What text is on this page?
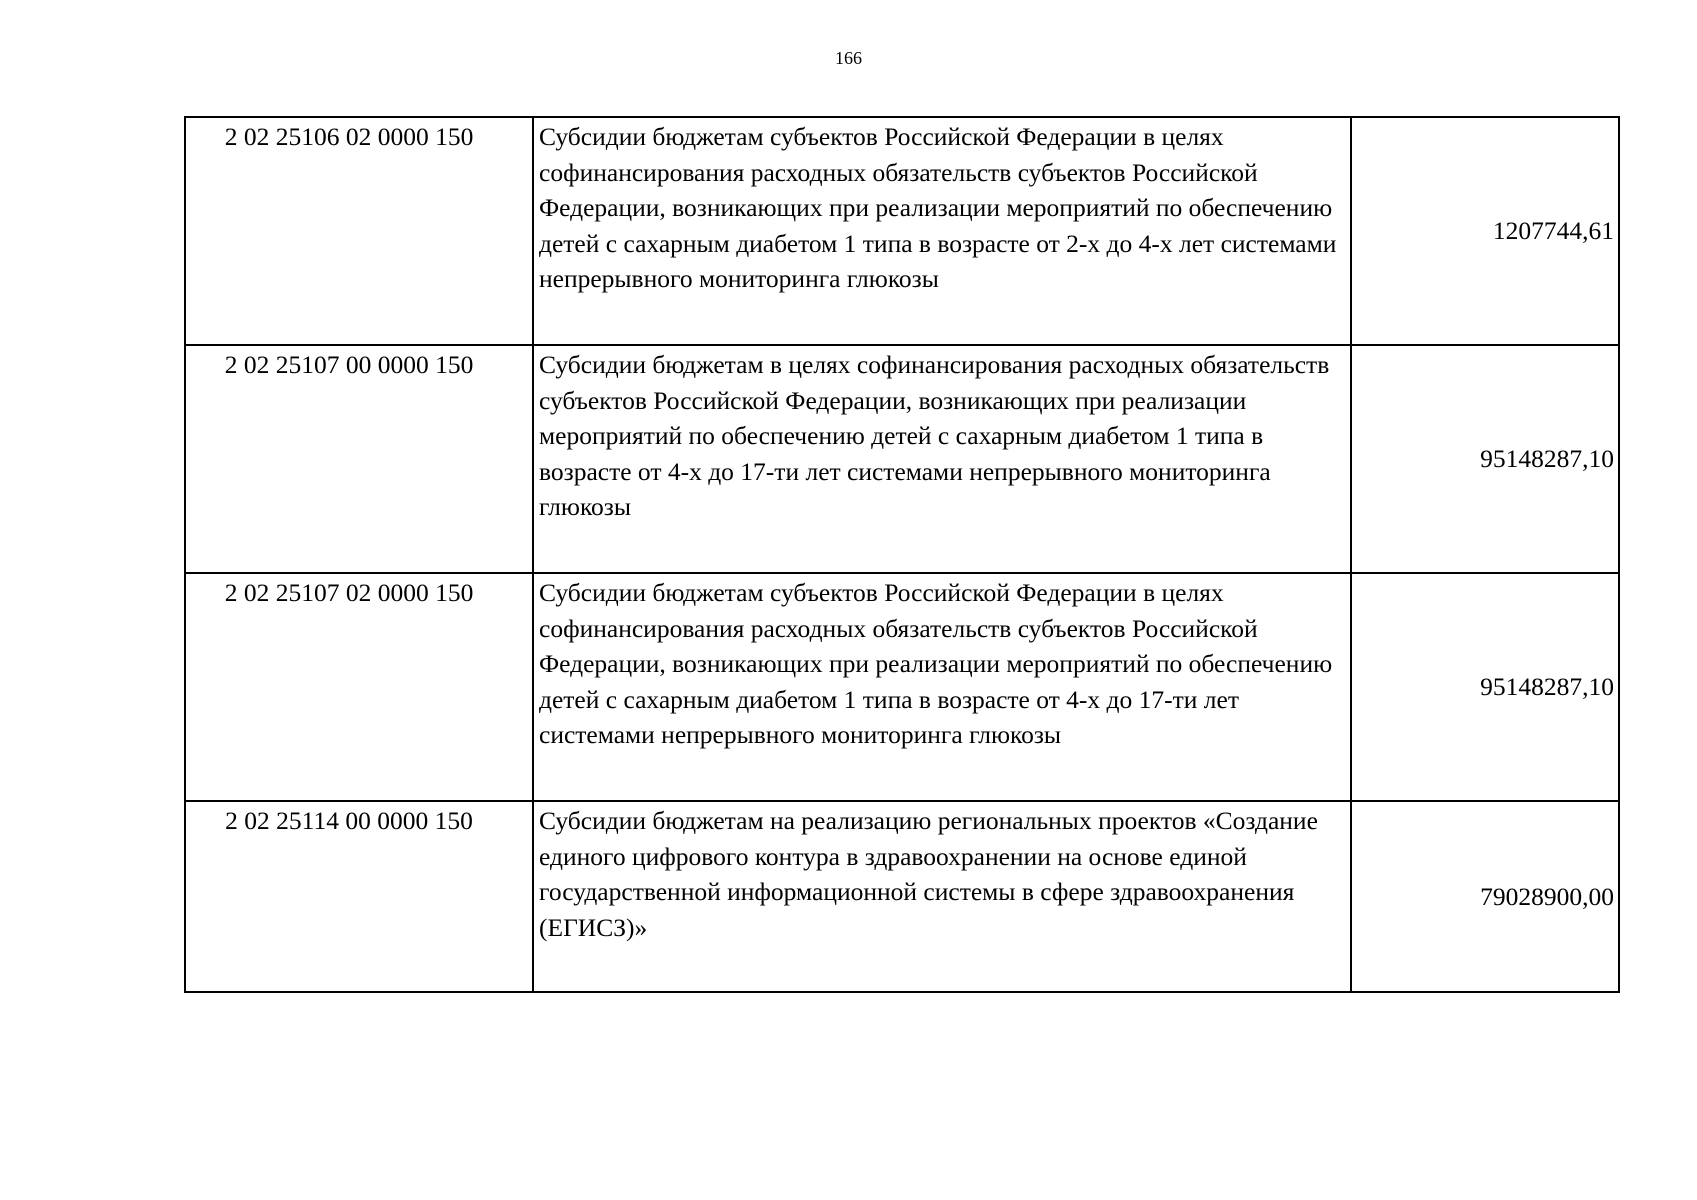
166
2 02 25106 02 0000 150	Субсидии бюджетам субъектов Российской Федерации в целях софинансирования расходных обязательств субъектов Российской Федерации, возникающих при реализации мероприятий по обеспечению детей с сахарным диабетом 1 типа в возрасте от 2-х до 4-х лет системами непрерывного мониторинга глюкозы	1207744,61
2 02 25107 00 0000 150	Субсидии бюджетам в целях софинансирования расходных обязательств субъектов Российской Федерации, возникающих при реализации мероприятий по обеспечению детей с сахарным диабетом 1 типа в возрасте от 4-х до 17-ти лет системами непрерывного мониторинга глюкозы	95148287,10
2 02 25107 02 0000 150	Субсидии бюджетам субъектов Российской Федерации в целях софинансирования расходных обязательств субъектов Российской Федерации, возникающих при реализации мероприятий по обеспечению детей с сахарным диабетом 1 типа в возрасте от 4-х до 17-ти лет системами непрерывного мониторинга глюкозы	95148287,10
2 02 25114 00 0000 150	Субсидии бюджетам на реализацию региональных проектов «Создание единого цифрового контура в здравоохранении на основе единой государственной информационной системы в сфере здравоохранения (ЕГИСЗ)»	79028900,00
